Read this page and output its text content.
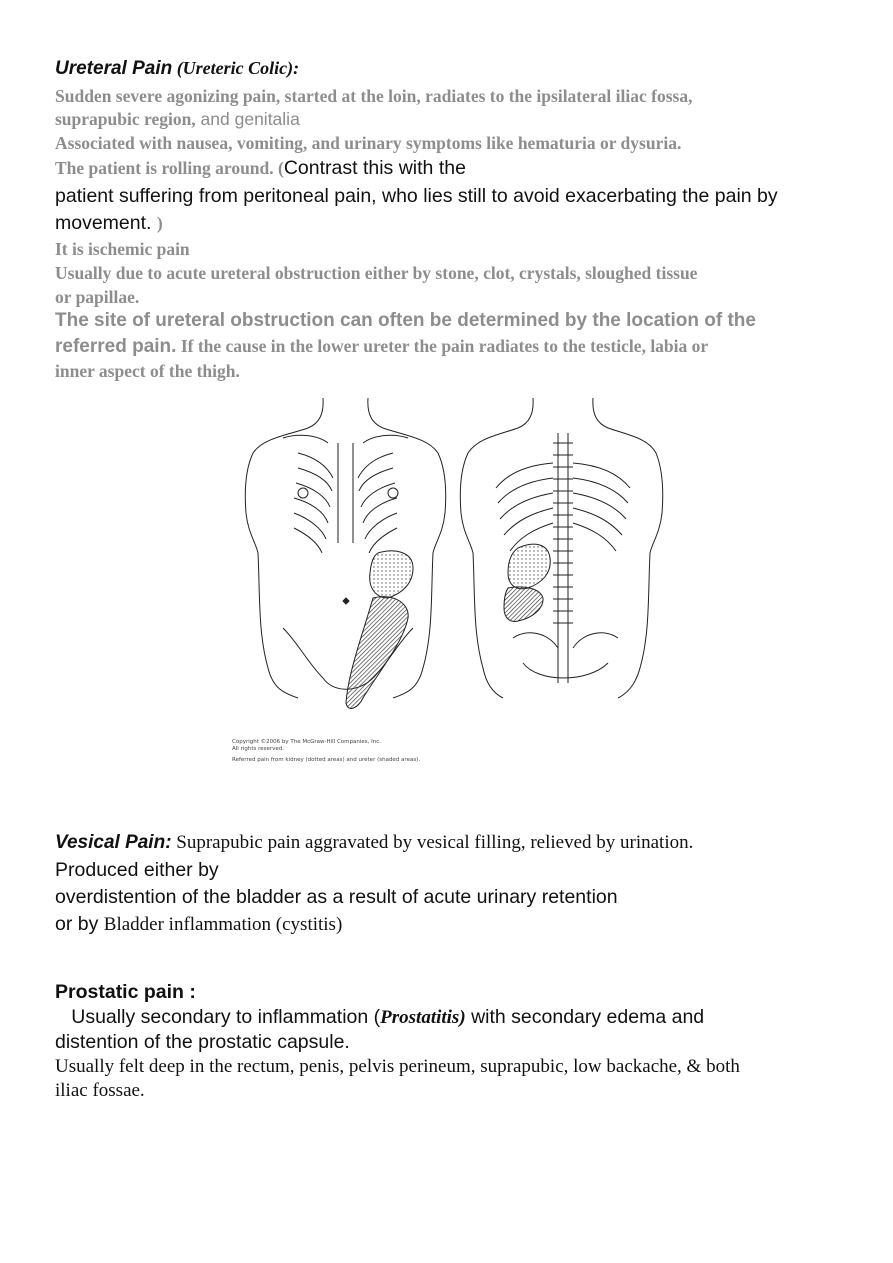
Ureteral Pain (Ureteric Colic):
Sudden severe agonizing pain, started at the loin, radiates to the ipsilateral iliac fossa,
suprapubic region, and genitalia
Associated with nausea, vomiting, and urinary symptoms like hematuria or dysuria.
The patient is rolling around. (Contrast this with the
patient suffering from peritoneal pain, who lies still to avoid exacerbating the pain by
movement. )
It is ischemic pain
Usually due to acute ureteral obstruction either by stone, clot, crystals, sloughed tissue
or papillae.
The site of ureteral obstruction can often be determined by the location of the
referred pain. If the cause in the lower ureter the pain radiates to the testicle, labia or
inner aspect of the thigh.
Vesical Pain: Suprapubic pain aggravated by vesical filling, relieved by urination.
Produced either by
overdistention of the bladder as a result of acute urinary retention
or by Bladder inflammation (cystitis)
Prostatic pain :
Usually secondary to inflammation (Prostatitis) with secondary edema and
distention of the prostatic capsule.
Usually felt deep in the rectum, penis, pelvis perineum, suprapubic, low backache, & both
iliac fossae.
Copyright ©2006 by The McGraw-Hill Companies, Inc.
All rights reserved.
Referred pain from kidney (dotted areas) and ureter (shaded areas).
